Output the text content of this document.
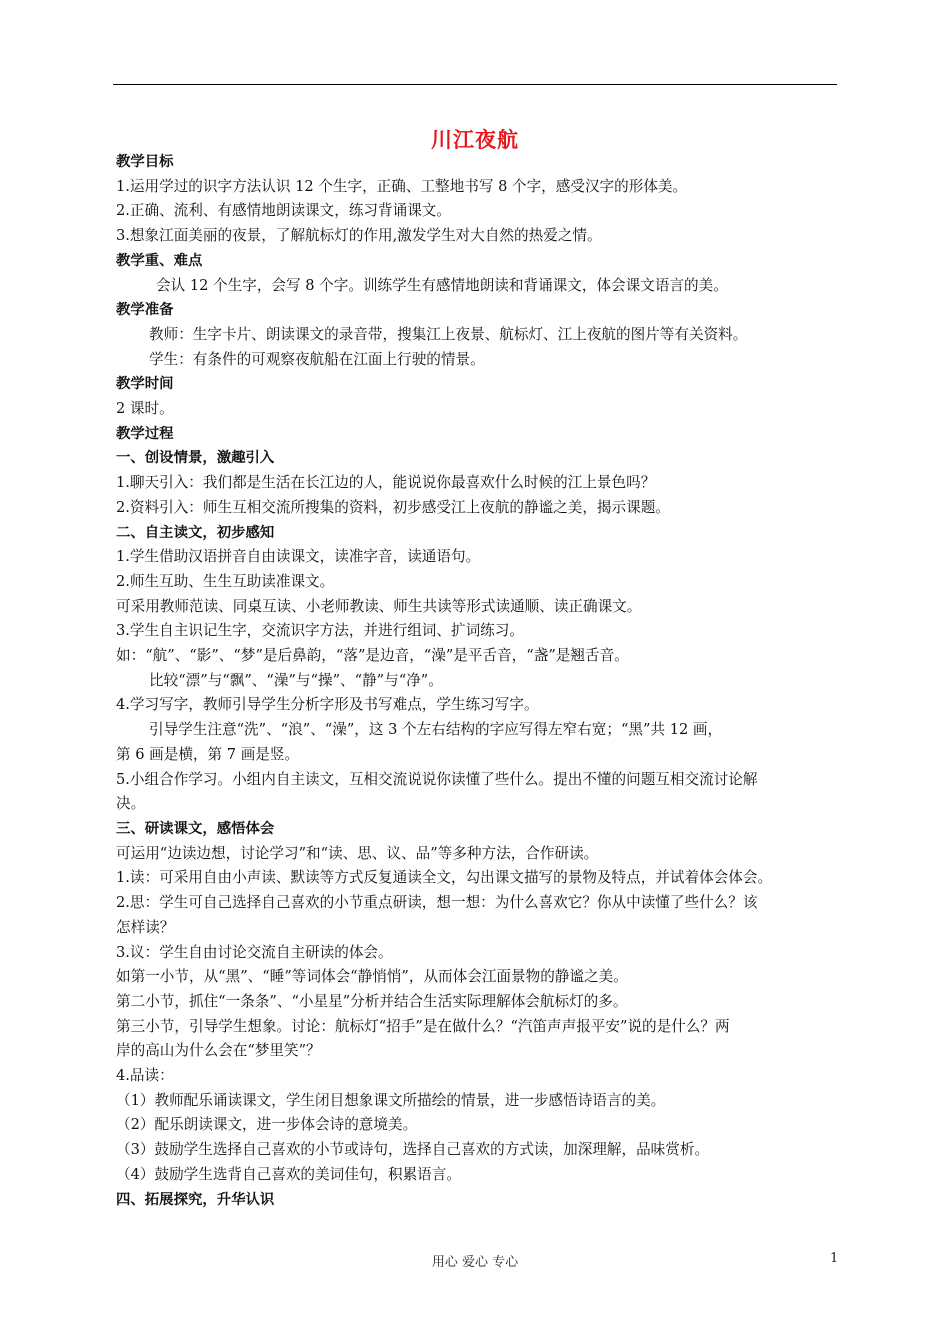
川江夜航
教学目标
1.运用学过的识字方法认识 12 个生字，正确、工整地书写 8 个字，感受汉字的形体美。
2.正确、流利、有感情地朗读课文，练习背诵课文。
3.想象江面美丽的夜景，了解航标灯的作用,激发学生对大自然的热爱之情。
教学重、难点
会认 12 个生字，会写 8 个字。训练学生有感情地朗读和背诵课文，体会课文语言的美。
教学准备
教师：生字卡片、朗读课文的录音带，搜集江上夜景、航标灯、江上夜航的图片等有关资料。
学生：有条件的可观察夜航船在江面上行驶的情景。
教学时间
2 课时。
教学过程
一、创设情景，激趣引入
1.聊天引入：我们都是生活在长江边的人，能说说你最喜欢什么时候的江上景色吗？
2.资料引入：师生互相交流所搜集的资料，初步感受江上夜航的静谧之美，揭示课题。
二、自主读文，初步感知
1.学生借助汉语拼音自由读课文，读准字音，读通语句。
2.师生互助、生生互助读准课文。
可采用教师范读、同桌互读、小老师教读、师生共读等形式读通顺、读正确课文。
3.学生自主识记生字，交流识字方法，并进行组词、扩词练习。
如：“航”、“影”、“梦”是后鼻韵，“落”是边音，“澡”是平舌音，“盏”是翘舌音。
比较“漂”与“飘”、“澡”与“操”、“静”与“净”。
4.学习写字，教师引导学生分析字形及书写难点，学生练习写字。
引导学生注意“洗”、“浪”、“澡”，这 3 个左右结构的字应写得左窄右宽；“黑”共 12 画，
第 6 画是横，第 7 画是竖。
5.小组合作学习。小组内自主读文，互相交流说说你读懂了些什么。提出不懂的问题互相交流讨论解
决。
三、研读课文，感悟体会
可运用“边读边想，讨论学习”和“读、思、议、品”等多种方法，合作研读。
1.读：可采用自由小声读、默读等方式反复通读全文，勾出课文描写的景物及特点，并试着体会体会。
2.思：学生可自己选择自己喜欢的小节重点研读，想一想：为什么喜欢它？你从中读懂了些什么？该
怎样读？
3.议：学生自由讨论交流自主研读的体会。
如第一小节，从“黑”、“睡”等词体会“静悄悄”，从而体会江面景物的静谧之美。
第二小节，抓住“一条条”、“小星星”分析并结合生活实际理解体会航标灯的多。
第三小节，引导学生想象。讨论：航标灯“招手”是在做什么？“汽笛声声报平安”说的是什么？两
岸的高山为什么会在“梦里笑”？
4.品读：
（1）教师配乐诵读课文，学生闭目想象课文所描绘的情景，进一步感悟诗语言的美。
（2）配乐朗读课文，进一步体会诗的意境美。
（3）鼓励学生选择自己喜欢的小节或诗句，选择自己喜欢的方式读，加深理解，品味赏析。
（4）鼓励学生选背自己喜欢的美词佳句，积累语言。
四、拓展探究，升华认识
用心 爱心 专心	1
